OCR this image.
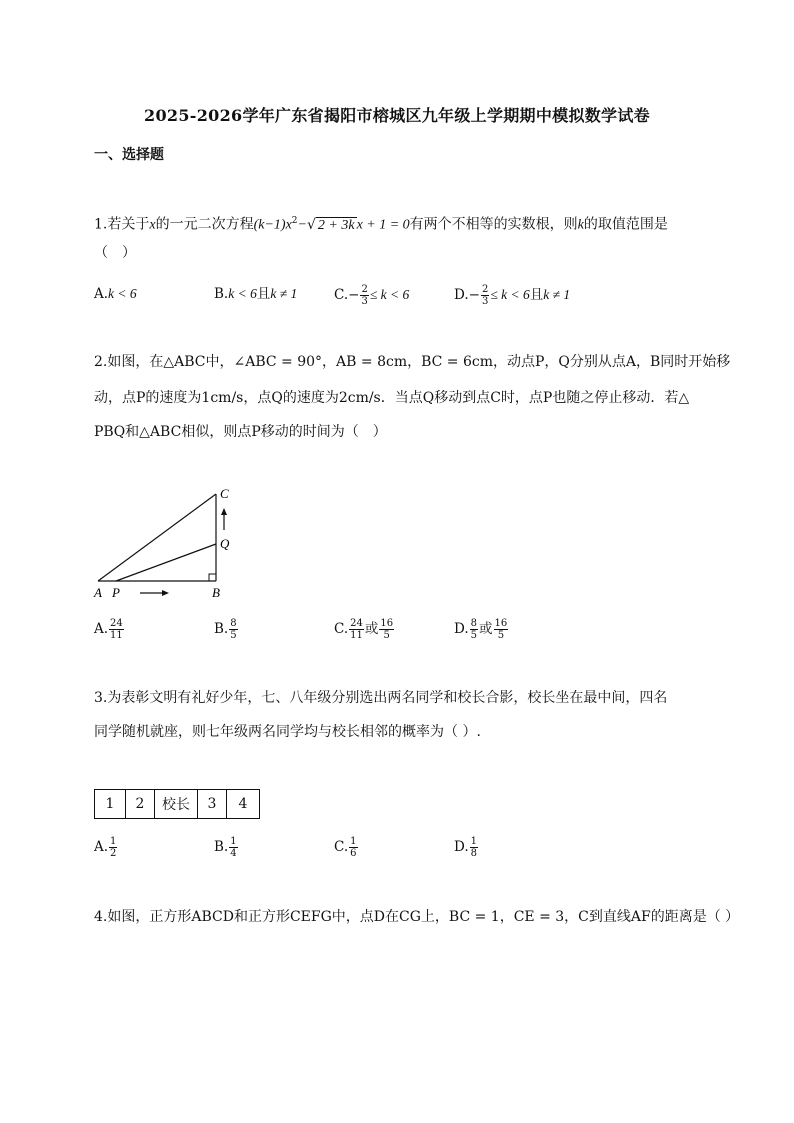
2025-2026学年广东省揭阳市榕城区九年级上学期期中模拟数学试卷
一、选择题
1.若关于x的一元二次方程$(k-1)x^2-√$ 2 + 3k x + 1 = 0有两个不相等的实数根，则k的取值范围是
（　）
A.k < 6	B.k < 6且k ≠ 1	$C.- \frac{2}{3} \le k < 6$	$D.- \frac{2}{3} \le k < 6$且k ≠ 1
2.如图，在△ABC中，∠ABC = 90°，AB = 8cm，BC = 6cm，动点P，Q分别从点A，B同时开始移
动，点P的速度为1cm/s，点Q的速度为2cm/s．当点Q移动到点C时，点P也随之停止移动．若△
PBQ和△ABC相似，则点P移动的时间为（　）
A P	B
C
Q
A. $\frac{24}{11}$	B. $\frac{8}{5}$	C. $\frac{24}{11}$ 或 $\frac{16}{5}$	D. $\frac{8}{5}$ 或 $\frac{16}{5}$
3.为表彰文明有礼好少年，七、八年级分别选出两名同学和校长合影，校长坐在最中间，四名
同学随机就座，则七年级两名同学均与校长相邻的概率为（ ）.
1	2	校长	3	4
A. $\frac{1}{2}$	B. $\frac{1}{4}$	C. $\frac{1}{6}$	D. $\frac{1}{8}$
4.如图，正方形ABCD和正方形CEFG中，点D在CG上，BC = 1，CE = 3，C到直线AF的距离是（ ）
